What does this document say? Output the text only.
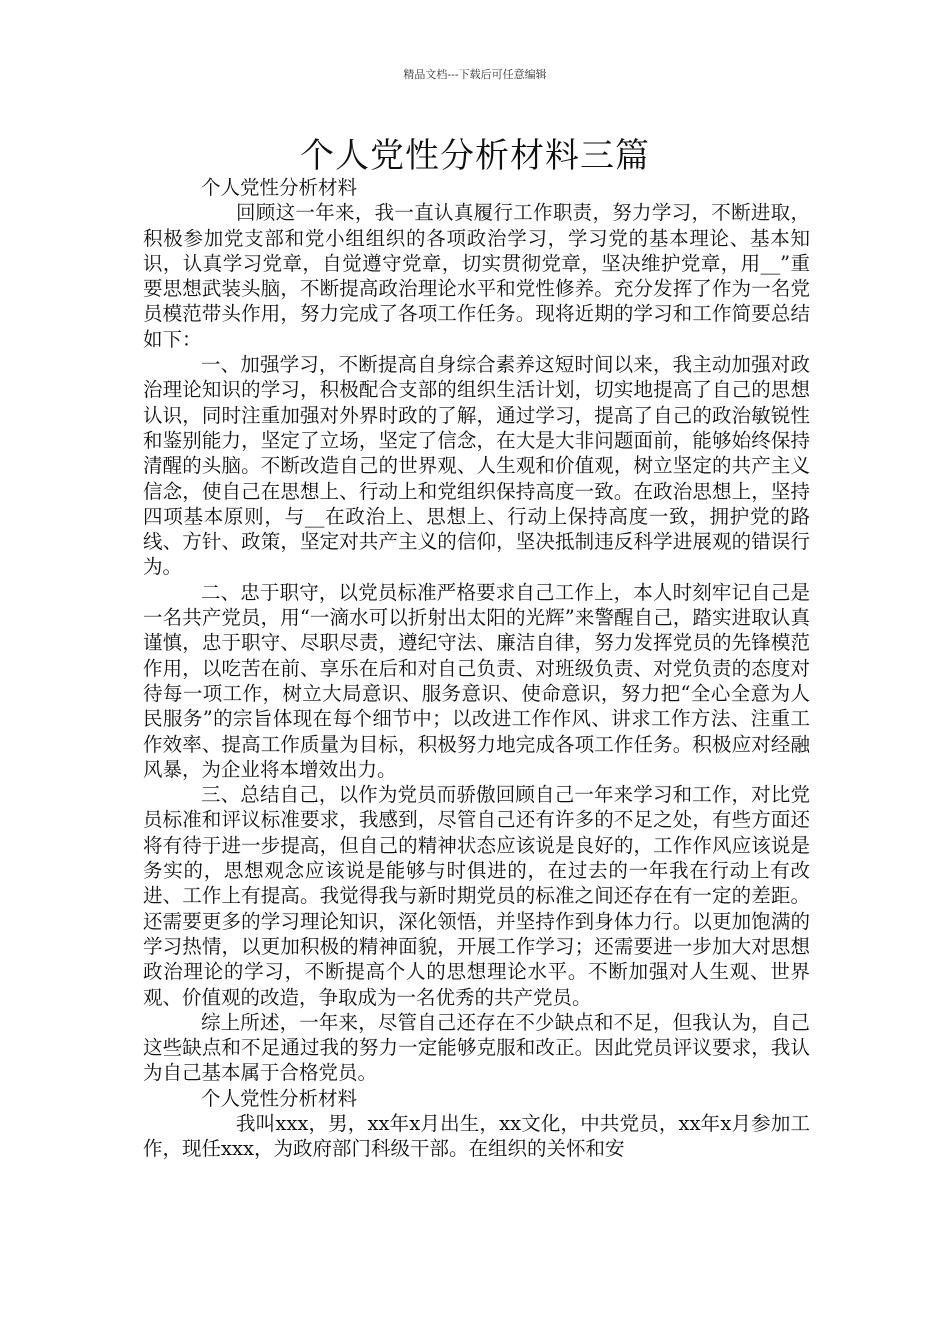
精品文档---下载后可任意编辑
个人党性分析材料三篇

个人党性分析材料

回顾这一年来，我一直认真履行工作职责，努力学习，不断进取，积极参加党支部和党小组组织的各项政治学习，学习党的基本理论、基本知识，认真学习党章，自觉遵守党章，切实贯彻党章，坚决维护党章，用__”重要思想武装头脑，不断提高政治理论水平和党性修养。充分发挥了作为一名党员模范带头作用，努力完成了各项工作任务。现将近期的学习和工作简要总结如下：

一、加强学习，不断提高自身综合素养这短时间以来，我主动加强对政治理论知识的学习，积极配合支部的组织生活计划，切实地提高了自己的思想认识，同时注重加强对外界时政的了解，通过学习，提高了自己的政治敏锐性和鉴别能力，坚定了立场，坚定了信念，在大是大非问题面前，能够始终保持清醒的头脑。不断改造自己的世界观、人生观和价值观，树立坚定的共产主义信念，使自己在思想上、行动上和党组织保持高度一致。在政治思想上，坚持四项基本原则，与__在政治上、思想上、行动上保持高度一致，拥护党的路线、方针、政策，坚定对共产主义的信仰，坚决抵制违反科学进展观的错误行为。

二、忠于职守，以党员标准严格要求自己工作上，本人时刻牢记自己是一名共产党员，用“一滴水可以折射出太阳的光辉”来警醒自己，踏实进取认真谨慎，忠于职守、尽职尽责，遵纪守法、廉洁自律，努力发挥党员的先锋模范作用，以吃苦在前、享乐在后和对自己负责、对班级负责、对党负责的态度对待每一项工作，树立大局意识、服务意识、使命意识，努力把“全心全意为人民服务”的宗旨体现在每个细节中；以改进工作作风、讲求工作方法、注重工作效率、提高工作质量为目标，积极努力地完成各项工作任务。积极应对经融风暴，为企业将本增效出力。

三、总结自己，以作为党员而骄傲回顾自己一年来学习和工作，对比党员标准和评议标准要求，我感到，尽管自己还有许多的不足之处，有些方面还将有待于进一步提高，但自己的精神状态应该说是良好的，工作作风应该说是务实的，思想观念应该说是能够与时俱进的，在过去的一年我在行动上有改进、工作上有提高。我觉得我与新时期党员的标准之间还存在有一定的差距。还需要更多的学习理论知识，深化领悟，并坚持作到身体力行。以更加饱满的学习热情，以更加积极的精神面貌，开展工作学习；还需要进一步加大对思想政治理论的学习，不断提高个人的思想理论水平。不断加强对人生观、世界观、价值观的改造，争取成为一名优秀的共产党员。

综上所述，一年来，尽管自己还存在不少缺点和不足，但我认为，自己这些缺点和不足通过我的努力一定能够克服和改正。因此党员评议要求，我认为自己基本属于合格党员。

个人党性分析材料

我叫xxx，男，xx年x月出生，xx文化，中共党员，xx年x月参加工作，现任xxx，为政府部门科级干部。在组织的关怀和安
